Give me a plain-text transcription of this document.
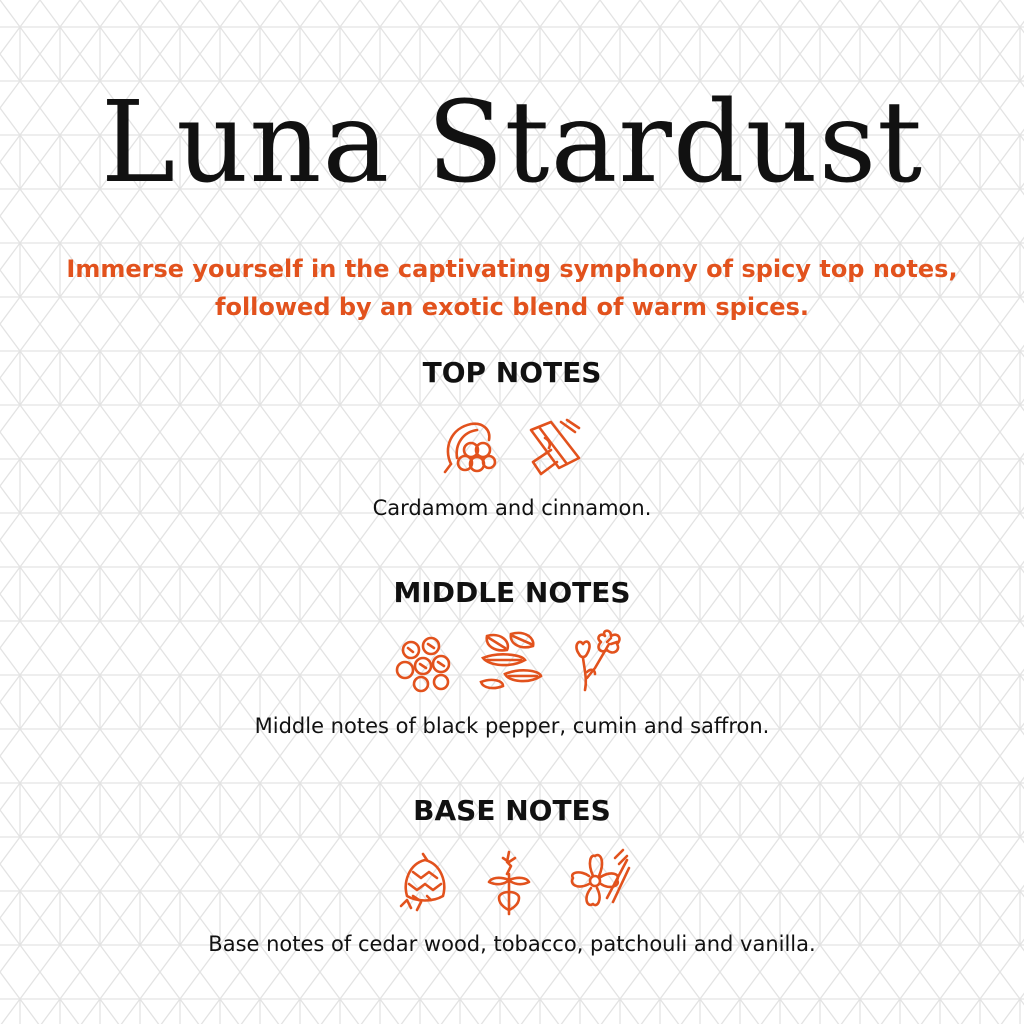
Luna Stardust

Immerse yourself in the captivating symphony of spicy top notes, followed by an exotic blend of warm spices.

TOP NOTES

Cardamom and cinnamon.

MIDDLE NOTES

Middle notes of black pepper, cumin and saffron.

BASE NOTES

Base notes of cedar wood, tobacco, patchouli and vanilla.
